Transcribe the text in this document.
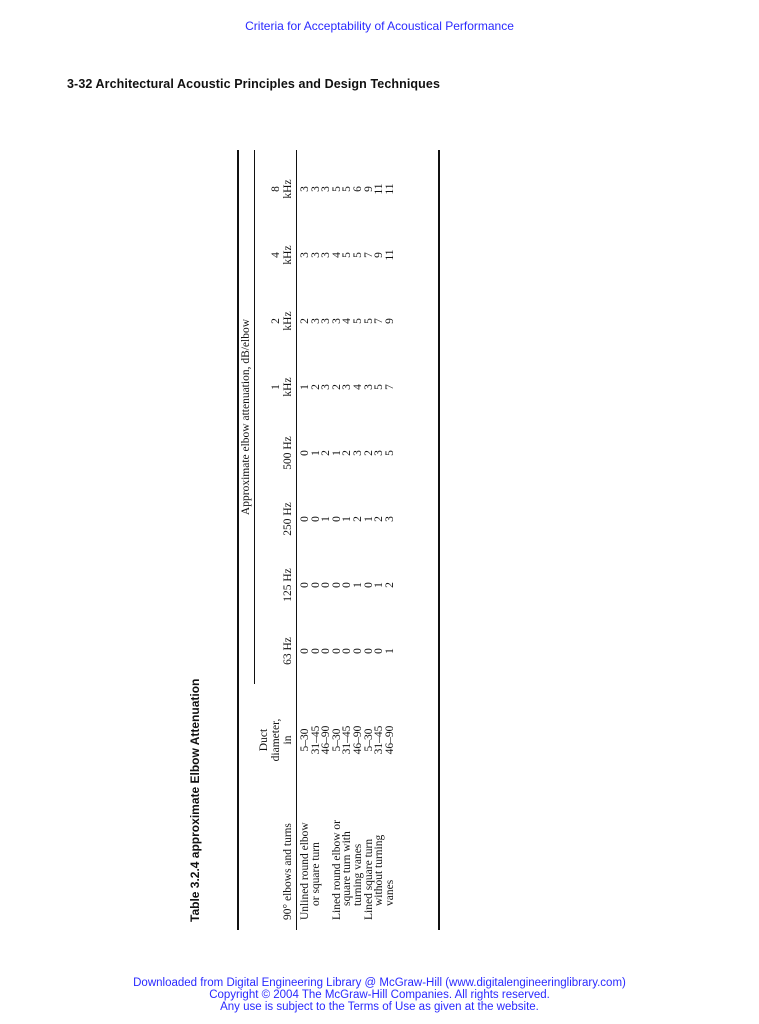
Criteria for Acceptability of Acoustical Performance
3-32 Architectural Acoustic Principles and Design Techniques
Table 3.2.4 approximate Elbow Attenuation
Approximate elbow attenuation, dB/elbow
90° elbows and turns
Duct diameter, in
63 Hz
125 Hz
250 Hz
500 Hz
1 kHz
2 kHz
4 kHz
8 kHz
Unlined round elbow
or square turn Lined round elbow or
square turn with
turning vanes
Lined square turn
without turning
vanes
5–30
31–45
46–90
5–30
31–45
46–90
5–30
31–45
46–90
0
0
0
0
0
0
0
0
1
0
0
0
0
0
1
0
1
2
0
0
1
0
1
2
1
2
3
0
1
2
1
2
3
2
3
5
1
2
3
2
3
4
3
5
7
2
3
3
3
4
5
5
7
9
3
3
3
4
5
5
7
9
11
3
3
3
5
5
6
9
11
11
Downloaded from Digital Engineering Library @ McGraw-Hill (www.digitalengineeringlibrary.com)
Copyright © 2004 The McGraw-Hill Companies. All rights reserved.
Any use is subject to the Terms of Use as given at the website.
